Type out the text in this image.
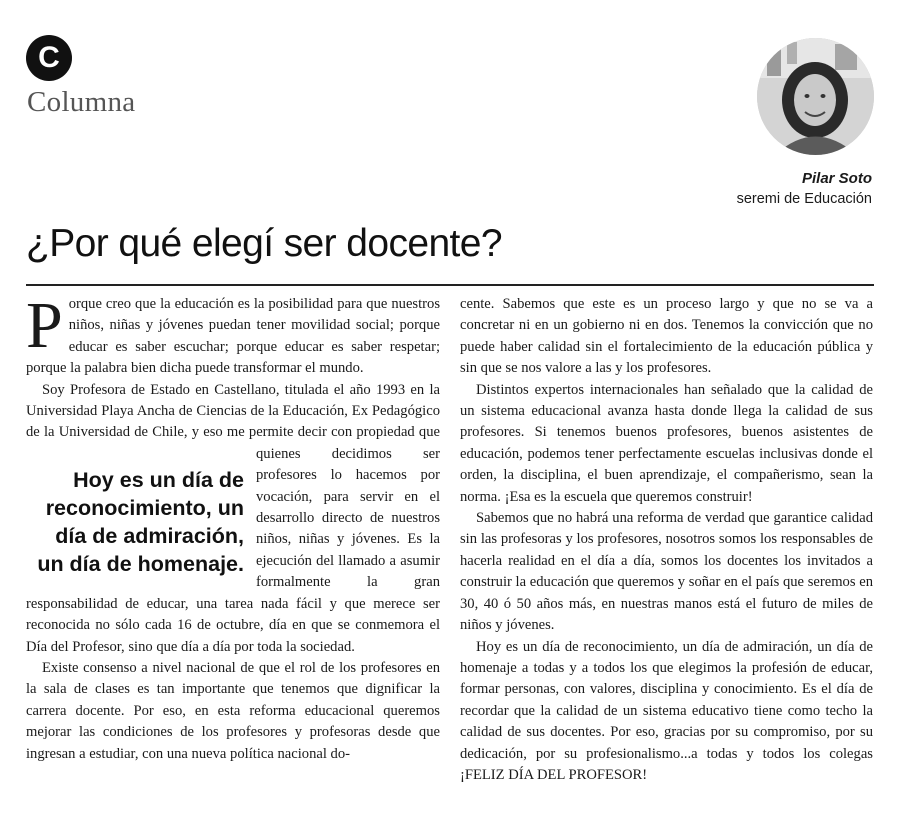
C
Columna
Pilar Soto
seremi de Educación
¿Por qué elegí ser docente?

Porque creo que la educación es la posibilidad para que nuestros niños, niñas y jóvenes puedan tener movilidad social; porque educar es saber escuchar; porque educar es saber respetar; porque la palabra bien dicha puede transformar el mundo.

Soy Profesora de Estado en Castellano, titulada el año 1993 en la Universidad Playa Ancha de Ciencias de la Educación, Ex Pedagógico de la Universidad de Chile, y eso me permite decir con
Hoy es un día de reconocimiento, un día de admiración, un día de homenaje.
propiedad que quienes decidimos ser profesores lo hacemos por vocación, para servir en el desarrollo directo de nuestros niños, niñas y jóvenes. Es la ejecución del llamado a asumir formalmente la gran responsabilidad de educar, una tarea nada fácil y que merece ser reconocida no sólo cada 16 de octubre, día en que se conmemora el Día del Profesor, sino que día a día por toda la sociedad.

Existe consenso a nivel nacional de que el rol de los profesores en la sala de clases es tan importante que tenemos que dignificar la carrera docente. Por eso, en esta reforma educacional queremos mejorar las condiciones de los profesores y profesoras desde que ingresan a estudiar, con una nueva política nacional do-

cente. Sabemos que este es un proceso largo y que no se va a concretar ni en un gobierno ni en dos. Tenemos la convicción que no puede haber calidad sin el fortalecimiento de la educación pública y sin que se nos valore a las y los profesores.

Distintos expertos internacionales han señalado que la calidad de un sistema educacional avanza hasta donde llega la calidad de sus profesores. Si tenemos buenos profesores, buenos asistentes de educación, podemos tener perfectamente escuelas inclusivas donde el orden, la disciplina, el buen aprendizaje, el compañerismo, sean la norma. ¡Esa es la escuela que queremos construir!

Sabemos que no habrá una reforma de verdad que garantice calidad sin las profesoras y los profesores, nosotros somos los responsables de hacerla realidad en el día a día, somos los docentes los invitados a construir la educación que queremos y soñar en el país que seremos en 30, 40 ó 50 años más, en nuestras manos está el futuro de miles de niños y jóvenes.

Hoy es un día de reconocimiento, un día de admiración, un día de homenaje a todas y a todos los que elegimos la profesión de educar, formar personas, con valores, disciplina y conocimiento. Es el día de recordar que la calidad de un sistema educativo tiene como techo la calidad de sus docentes. Por eso, gracias por su compromiso, por su dedicación, por su profesionalismo...a todas y todos los colegas ¡FELIZ DÍA DEL PROFESOR!
